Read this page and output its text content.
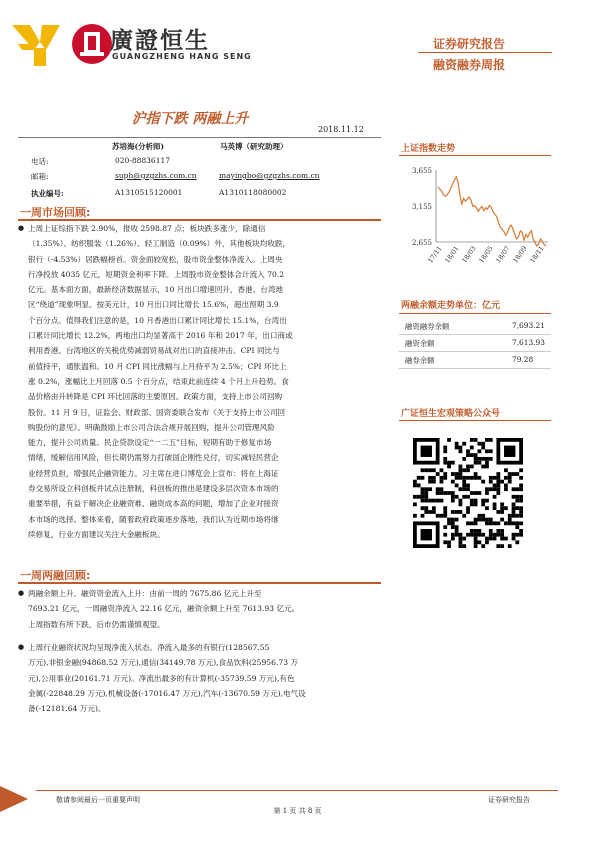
廣證恒生
GUANGZHENG HANG SENG
证券研究报告
融资融券周报
沪指下跌 两融上升
2018.11.12
苏培海(分析师)	马英博（研究助理）
电话:	020-88836117
邮箱:	suph@gzgzhs.com.cn	mayingbo@gzgzhs.com.cn
执业编号:	A1310515120001	A1310118080002
一周市场回顾:
● 上周上证综指下跌 2.90%，报收 2598.87 点；板块跌多涨少，除通信
（1.35%）、纺织服装（1.26%）、轻工制造（0.09%）外，其他板块均收跌，
银行（-4.53%）居跌幅榜首。资金面较宽松，股市资金整体净流入。上周央
行净投放 4035 亿元，短期资金利率下降。上周股市资金整体合计流入 70.2
亿元。基本面方面，最新经济数据显示，10 月出口增速回升，香港、台湾地
区“绕道”现象明显。按美元计，10 月出口同比增长 15.6%，超出预期 3.9
个百分点。值得我们注意的是，10 月香港出口累计同比增长 15.1%，台湾出
口累计同比增长 12.2%，两地出口均显著高于 2016 年和 2017 年，出口商或
利用香港、台湾地区的关税优势减弱贸易战对出口的直接冲击。CPI 同比与
前值持平，通胀温和。10 月 CPI 同比涨幅与上月持平为 2.5%；CPI 环比上
涨 0.2%，涨幅比上月回落 0.5 个百分点，结束此前连续 4 个月上升趋势。食
品价格由升转降是 CPI 环比回落的主要原因。政策方面，支持上市公司回购
股份。11 月 9 日，证监会、财政部、国资委联合发布《关于支持上市公司回
购股份的意见》。明确鼓励上市公司合法合规开展回购，提升公司管理风险
能力，提升公司质量。民企贷款设定“一二五”目标，短期有助于修复市场
情绪，缓解信用风险，但长期仍需努力打破国企刚性兑付，切实减轻民营企
业经营负担，增强民企融资能力。习主席在进口博览会上宣布：将在上海证
券交易所设立科创板并试点注册制，科创板的推出是建设多层次资本市场的
重要举措，有益于解决企业融资难、融资成本高的问题，增加了企业对接资
本市场的选择。整体来看，随着政府政策逐步落地，我们认为近期市场将继
续修复，行业方面建议关注大金融板块。
一周两融回顾:
● 两融余额上升、融资资金流入上升：由前一周的 7675.86 亿元上升至
7693.21 亿元，一周融资净流入 22.16 亿元，融资余额上升至 7613.93 亿元。
上周指数有所下跌，后市仍需谨慎观望。
● 上周行业融资状况均呈现净流入状态。净流入最多的有银行(128567.55
万元),非银金融(94868.52 万元),通信(34149.78 万元),食品饮料(25956.73 万
元),公用事业(20161.71 万元)。净流出最多的有计算机(-35739.59 万元),有色
金属(-22848.29 万元),机械设备(-17016.47 万元),汽车(-13670.59 万元),电气设
备(-12181.64 万元)。
上证指数走势
3,655
3,155
2,655
17/11 18/01 18/03 18/05 18/07 18/09 18/11
两融余额走势单位：亿元
融资融券余额	7,693.21
融资余额	7,613.93
融券余额	79.28
广证恒生宏观策略公众号
敬请参阅最后一页重要声明	证券研究报告
第 1 页 共 8 页
